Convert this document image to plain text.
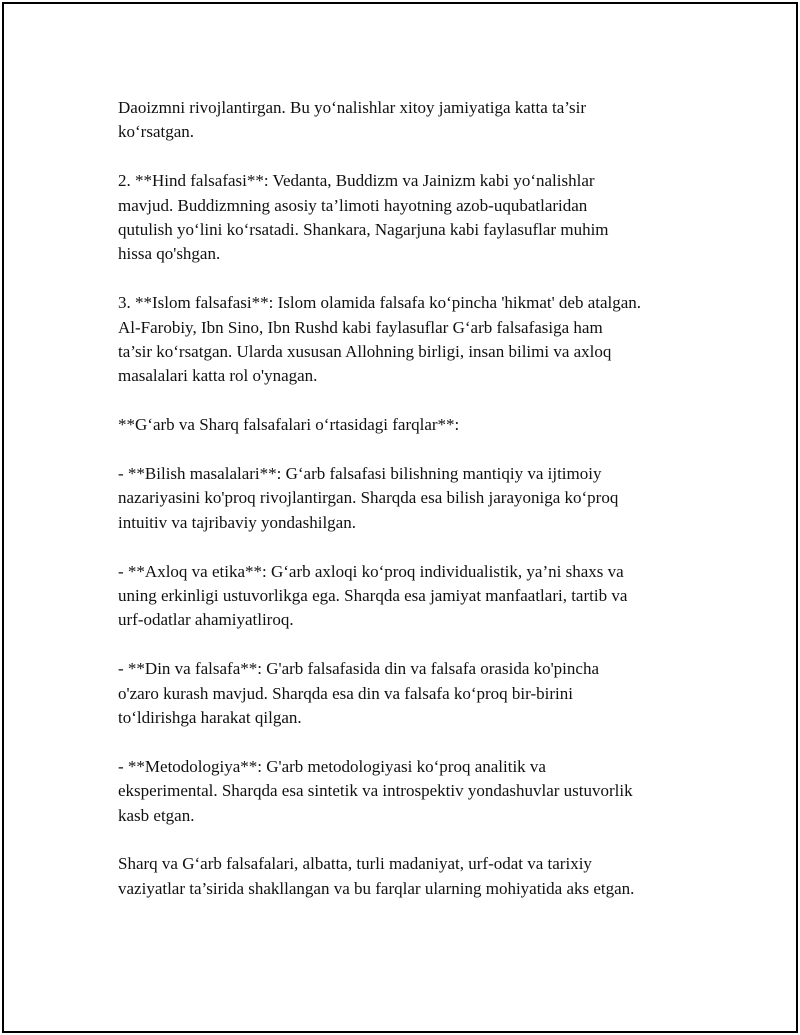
Daoizmni rivojlantirgan. Bu yo‘nalishlar xitoy jamiyatiga katta ta’sir
ko‘rsatgan.
2. **Hind falsafasi**: Vedanta, Buddizm va Jainizm kabi yo‘nalishlar
mavjud. Buddizmning asosiy ta’limoti hayotning azob-uqubatlaridan
qutulish yo‘lini ko‘rsatadi. Shankara, Nagarjuna kabi faylasuflar muhim
hissa qo'shgan.
3. **Islom falsafasi**: Islom olamida falsafa ko‘pincha 'hikmat' deb atalgan.
Al-Farobiy, Ibn Sino, Ibn Rushd kabi faylasuflar G‘arb falsafasiga ham
ta’sir ko‘rsatgan. Ularda xususan Allohning birligi, insan bilimi va axloq
masalalari katta rol o'ynagan.
**G‘arb va Sharq falsafalari o‘rtasidagi farqlar**:
- **Bilish masalalari**: G‘arb falsafasi bilishning mantiqiy va ijtimoiy
nazariyasini ko'proq rivojlantirgan. Sharqda esa bilish jarayoniga ko‘proq
intuitiv va tajribaviy yondashilgan.
- **Axloq va etika**: G‘arb axloqi ko‘proq individualistik, ya’ni shaxs va
uning erkinligi ustuvorlikga ega. Sharqda esa jamiyat manfaatlari, tartib va
urf-odatlar ahamiyatliroq.
- **Din va falsafa**: G'arb falsafasida din va falsafa orasida ko'pincha
o'zaro kurash mavjud. Sharqda esa din va falsafa ko‘proq bir-birini
to‘ldirishga harakat qilgan.
- **Metodologiya**: G'arb metodologiyasi ko‘proq analitik va
eksperimental. Sharqda esa sintetik va introspektiv yondashuvlar ustuvorlik
kasb etgan.
Sharq va G‘arb falsafalari, albatta, turli madaniyat, urf-odat va tarixiy
vaziyatlar ta’sirida shakllangan va bu farqlar ularning mohiyatida aks etgan.
